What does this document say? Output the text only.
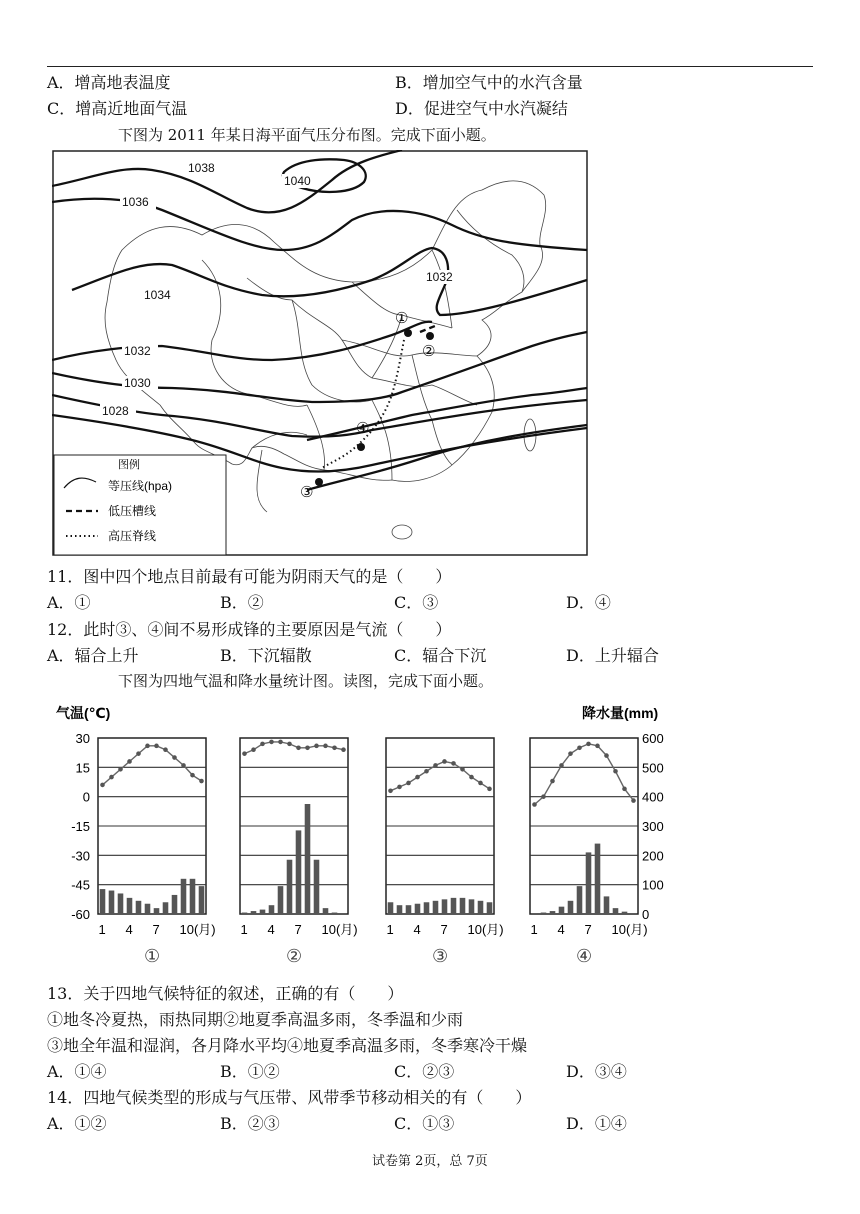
A．增高地表温度	B．增加空气中的水汽含量
C．增高近地面气温	D．促进空气中水汽凝结
下图为 2011 年某日海平面气压分布图。完成下面小题。
1038
1040
1036
1032
1034
1032
1030
1028
①
②
③
④
图例
等压线(hpa)
低压槽线
高压脊线
11．图中四个地点目前最有可能为阴雨天气的是（　　）
A．①	B．②	C．③	D．④
12．此时③、④间不易形成锋的主要原因是气流（　　）
A．辐合上升	B．下沉辐散	C．辐合下沉	D．上升辐合
下图为四地气温和降水量统计图。读图，完成下面小题。
气温(℃)	降水量(mm)
30
15
0
-15
-30
-45
-60
600
500
400
300
200
100
0
1 4 7 10(月)
①
1 4 7 10(月)
②
1 4 7 10(月)
③
1 4 7 10(月)
④
13．关于四地气候特征的叙述，正确的有（　　）
①地冬冷夏热，雨热同期②地夏季高温多雨，冬季温和少雨
③地全年温和湿润，各月降水平均④地夏季高温多雨，冬季寒冷干燥
A．①④	B．①②	C．②③	D．③④
14．四地气候类型的形成与气压带、风带季节移动相关的有（　　）
A．①②	B．②③	C．①③	D．①④
试卷第 2页，总 7页
